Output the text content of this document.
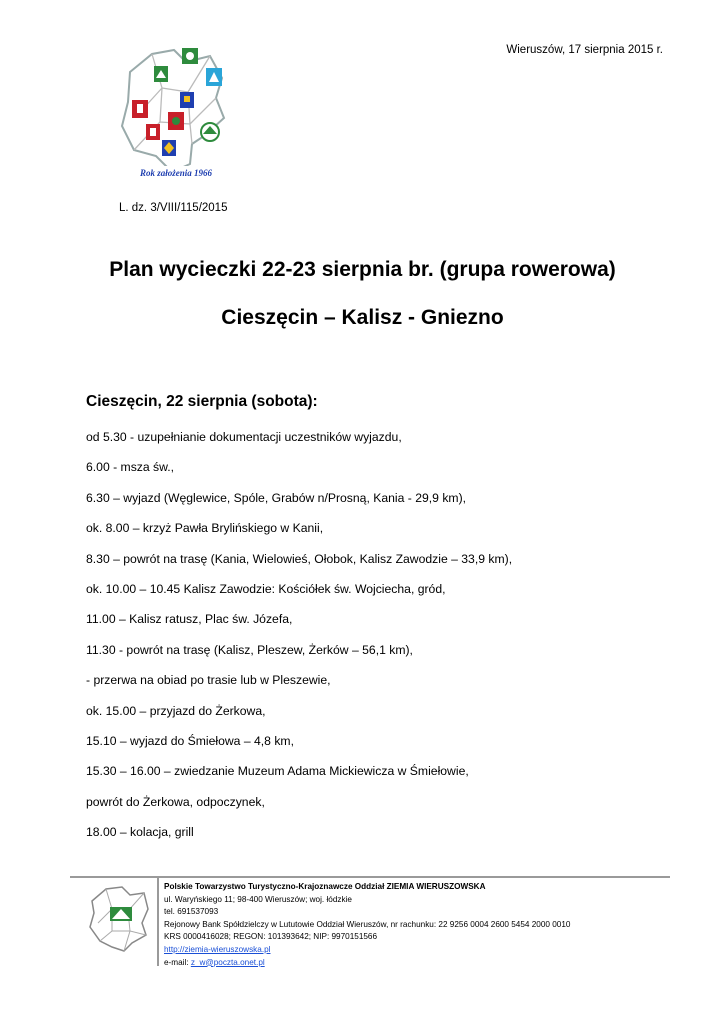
Wieruszów, 17 sierpnia 2015 r.
Rok założenia 1966
L. dz. 3/VIII/115/2015
Plan wycieczki 22-23 sierpnia br. (grupa rowerowa)
Cieszęcin – Kalisz - Gniezno
Cieszęcin, 22 sierpnia (sobota):
od 5.30 - uzupełnianie dokumentacji uczestników wyjazdu,
6.00 - msza św.,
6.30 – wyjazd (Węglewice, Spóle, Grabów n/Prosną, Kania - 29,9 km),
ok. 8.00 – krzyż Pawła Brylińskiego w Kanii,
8.30 – powrót na trasę (Kania, Wielowieś, Ołobok, Kalisz Zawodzie – 33,9 km),
ok. 10.00 – 10.45 Kalisz Zawodzie: Kościółek św. Wojciecha, gród,
11.00 – Kalisz ratusz, Plac św. Józefa,
11.30 - powrót na trasę (Kalisz, Pleszew, Żerków – 56,1 km),
- przerwa na obiad po trasie lub w Pleszewie,
ok. 15.00 – przyjazd do Żerkowa,
15.10 – wyjazd do Śmiełowa – 4,8 km,
15.30 – 16.00 – zwiedzanie Muzeum Adama Mickiewicza w Śmiełowie,
powrót do Żerkowa, odpoczynek,
18.00 – kolacja, grill
Polskie Towarzystwo Turystyczno-Krajoznawcze Oddział ZIEMIA WIERUSZOWSKA
ul. Waryńskiego 11; 98-400 Wieruszów; woj. łódzkie
tel. 691537093
Rejonowy Bank Spółdzielczy w Lututowie Oddział Wieruszów, nr rachunku: 22 9256 0004 2600 5454 2000 0010
KRS 0000416028; REGON: 101393642; NIP: 9970151566
http://ziemia-wieruszowska.pl
e-mail: z_w@poczta.onet.pl
